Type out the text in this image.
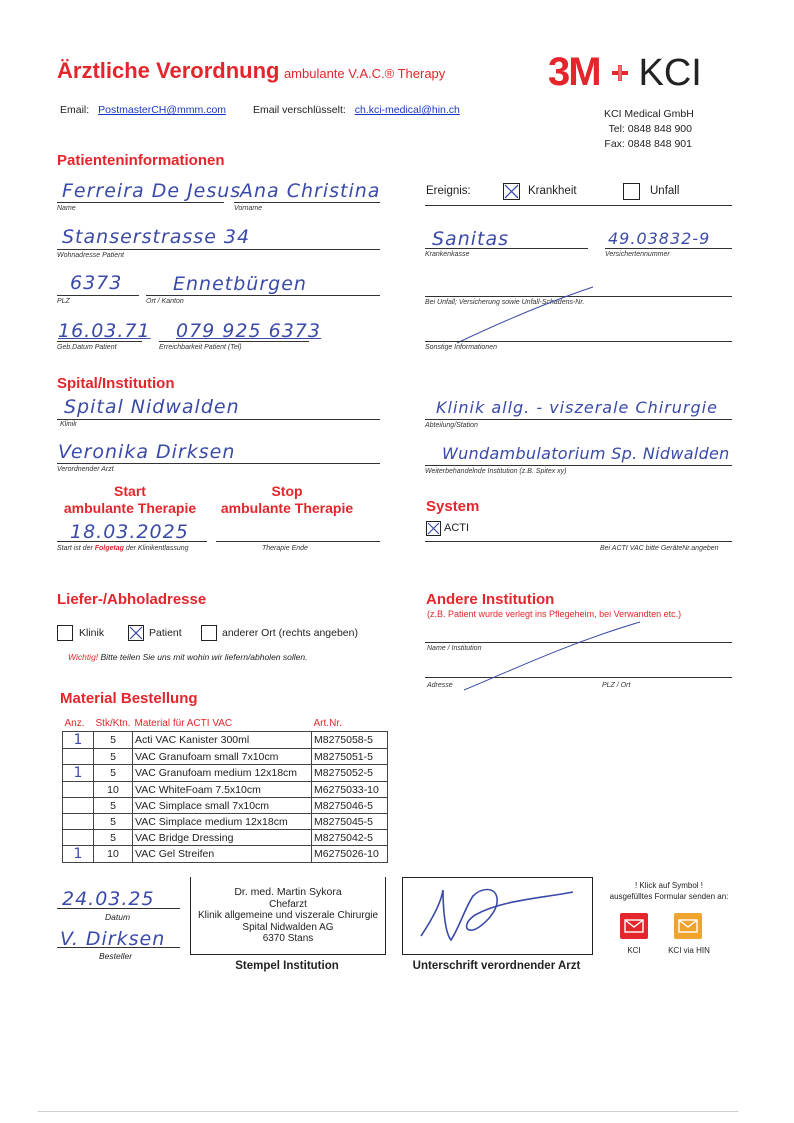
Ärztliche Verordnung ambulante V.A.C.® Therapy	3M KCI
Email: PostmasterCH@mmm.com	Email verschlüsselt: ch.kci-medical@hin.ch	KCI Medical GmbH
Tel: 0848 848 900
Fax: 0848 848 901
Patienteninformationen
Ferreira De Jesus
Name
Ana Christina
Vorname
Stanserstrasse 34
Wohnadresse Patient
6373
PLZ
Ennetbürgen
Ort / Kanton
16.03.71
Geb.Datum Patient
079 925 6373
Erreichbarkeit Patient (Tel)
Ereignis:	Krankheit	Unfall
Sanitas
Krankenkasse
49.03832-9
Versichertennummer
Bei Unfall; Versicherung sowie Unfall-Schadens-Nr.
Sonstige Informationen
Spital/Institution
Spital Nidwalden
Klinik
Veronika Dirksen
Verordnender Arzt
Klinik allg. - viszerale Chirurgie
Abteilung/Station
Wundambulatorium Sp. Nidwalden
Weiterbehandelnde Institution (z.B. Spitex xy)
Start
ambulante Therapie
Stop
ambulante Therapie
18.03.2025
Start ist der Folgetag der Klinikentlassung	Therapie Ende
System
ACTI
Bei ACTI VAC bitte GeräteNr.angeben
Liefer-/Abholadresse
Klinik	Patient	anderer Ort (rechts angeben)
Wichtig! Bitte teilen Sie uns mit wohin wir liefern/abholen sollen.
Andere Institution
(z.B. Patient wurde verlegt ins Pflegeheim, bei Verwandten etc.)
Name / Institution
Adresse	PLZ / Ort
Material Bestellung
Anz.	Stk/Ktn.	Material für ACTI VAC	Art.Nr.
1	5	Acti VAC Kanister 300ml	M8275058-5
	5	VAC Granufoam small 7x10cm	M8275051-5
1	5	VAC Granufoam medium 12x18cm	M8275052-5
	10	VAC WhiteFoam 7.5x10cm	M6275033-10
	5	VAC Simplace small 7x10cm	M8275046-5
	5	VAC Simplace medium 12x18cm	M8275045-5
	5	VAC Bridge Dressing	M8275042-5
1	10	VAC Gel Streifen	M6275026-10
24.03.25
Datum
V. Dirksen
Besteller
Dr. med. Martin Sykora
Chefarzt
Klinik allgemeine und viszerale Chirurgie
Spital Nidwalden AG
6370 Stans
Stempel Institution	Unterschrift verordnender Arzt
! Klick auf Symbol !
ausgefülltes Formular senden an:
KCI	KCI via HIN
